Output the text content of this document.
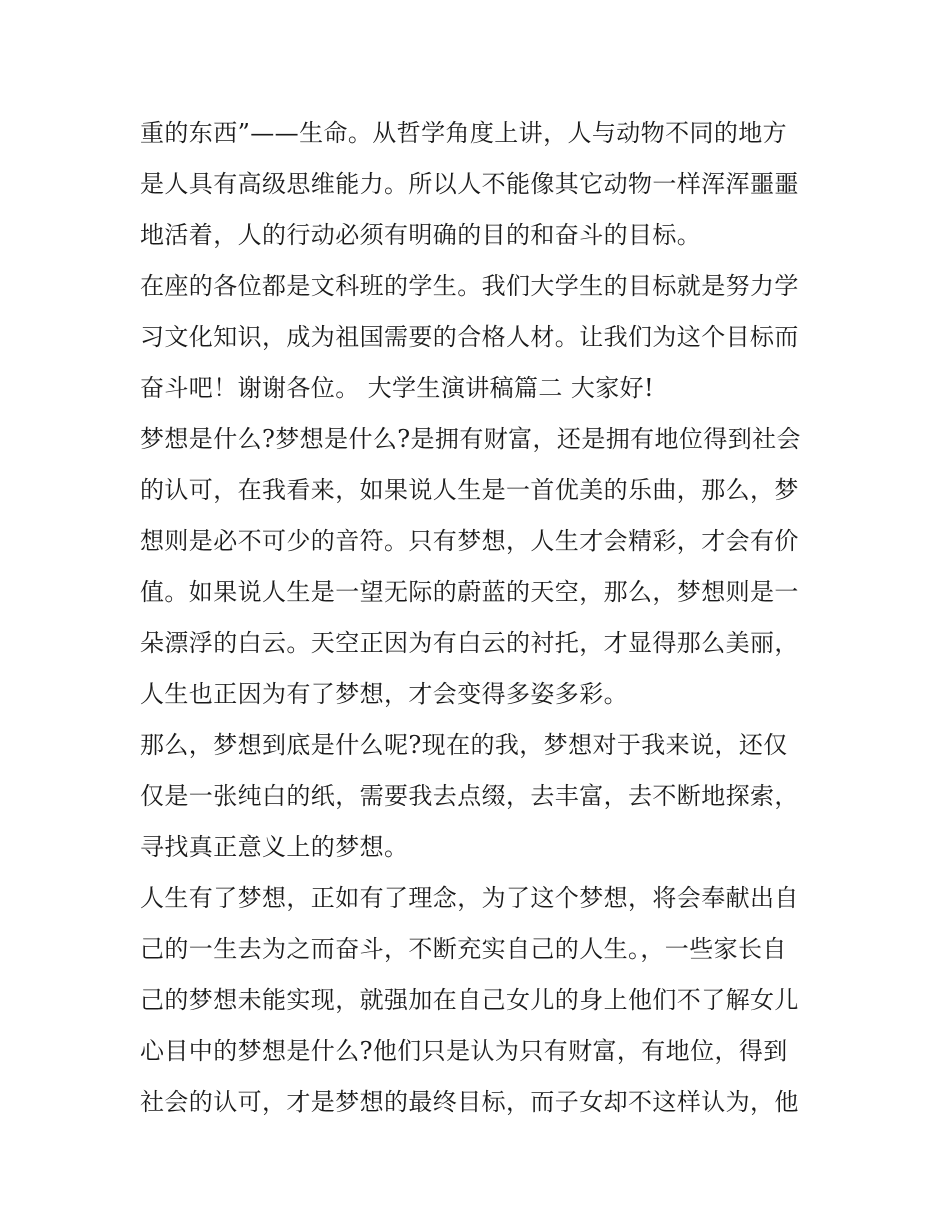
重的东西”——生命。从哲学角度上讲，人与动物不同的地方
是人具有高级思维能力。所以人不能像其它动物一样浑浑噩噩
地活着，人的行动必须有明确的目的和奋斗的目标。
在座的各位都是文科班的学生。我们大学生的目标就是努力学
习文化知识，成为祖国需要的合格人材。让我们为这个目标而
奋斗吧！谢谢各位。 大学生演讲稿篇二 大家好!
梦想是什么?梦想是什么?是拥有财富，还是拥有地位得到社会
的认可，在我看来，如果说人生是一首优美的乐曲，那么，梦
想则是必不可少的音符。只有梦想，人生才会精彩，才会有价
值。如果说人生是一望无际的蔚蓝的天空，那么，梦想则是一
朵漂浮的白云。天空正因为有白云的衬托，才显得那么美丽，
人生也正因为有了梦想，才会变得多姿多彩。
那么，梦想到底是什么呢?现在的我，梦想对于我来说，还仅
仅是一张纯白的纸，需要我去点缀，去丰富，去不断地探索，
寻找真正意义上的梦想。
人生有了梦想，正如有了理念，为了这个梦想，将会奉献出自
己的一生去为之而奋斗，不断充实自己的人生。，一些家长自
己的梦想未能实现，就强加在自己女儿的身上他们不了解女儿
心目中的梦想是什么?他们只是认为只有财富，有地位，得到
社会的认可，才是梦想的最终目标，而子女却不这样认为，他
